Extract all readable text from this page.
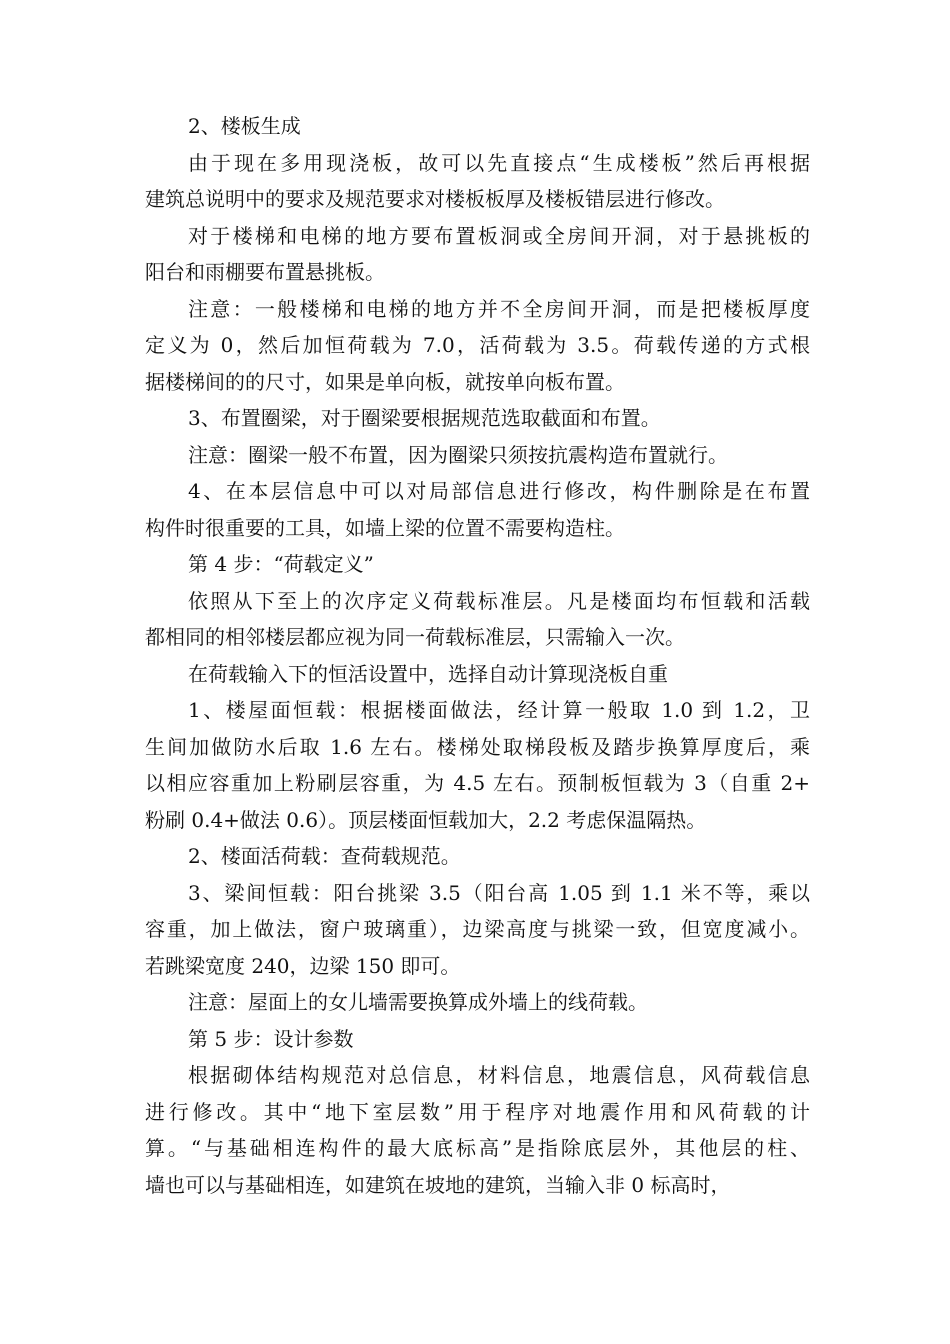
2、楼板生成
由于现在多用现浇板，故可以先直接点“生成楼板”然后再根据
建筑总说明中的要求及规范要求对楼板板厚及楼板错层进行修改。
对于楼梯和电梯的地方要布置板洞或全房间开洞，对于悬挑板的
阳台和雨棚要布置悬挑板。
注意：一般楼梯和电梯的地方并不全房间开洞，而是把楼板厚度
定义为 0，然后加恒荷载为 7.0，活荷载为 3.5。荷载传递的方式根
据楼梯间的的尺寸，如果是单向板，就按单向板布置。
3、布置圈梁，对于圈梁要根据规范选取截面和布置。
注意：圈梁一般不布置，因为圈梁只须按抗震构造布置就行。
4、在本层信息中可以对局部信息进行修改，构件删除是在布置
构件时很重要的工具，如墙上梁的位置不需要构造柱。
第 4 步：“荷载定义”
依照从下至上的次序定义荷载标准层。凡是楼面均布恒载和活载
都相同的相邻楼层都应视为同一荷载标准层，只需输入一次。
在荷载输入下的恒活设置中，选择自动计算现浇板自重
1、楼屋面恒载：根据楼面做法，经计算一般取 1.0 到 1.2，卫
生间加做防水后取 1.6 左右。楼梯处取梯段板及踏步换算厚度后，乘
以相应容重加上粉刷层容重，为 4.5 左右。预制板恒载为 3（自重 2+
粉刷 0.4+做法 0.6）。顶层楼面恒载加大，2.2 考虑保温隔热。
2、楼面活荷载：查荷载规范。
3、梁间恒载：阳台挑梁 3.5（阳台高 1.05 到 1.1 米不等，乘以
容重，加上做法，窗户玻璃重），边梁高度与挑梁一致，但宽度减小。
若跳梁宽度 240，边梁 150 即可。
注意：屋面上的女儿墙需要换算成外墙上的线荷载。
第 5 步：设计参数
根据砌体结构规范对总信息，材料信息，地震信息，风荷载信息
进行修改。其中“地下室层数”用于程序对地震作用和风荷载的计
算。“与基础相连构件的最大底标高”是指除底层外，其他层的柱、
墙也可以与基础相连，如建筑在坡地的建筑，当输入非 0 标高时，
